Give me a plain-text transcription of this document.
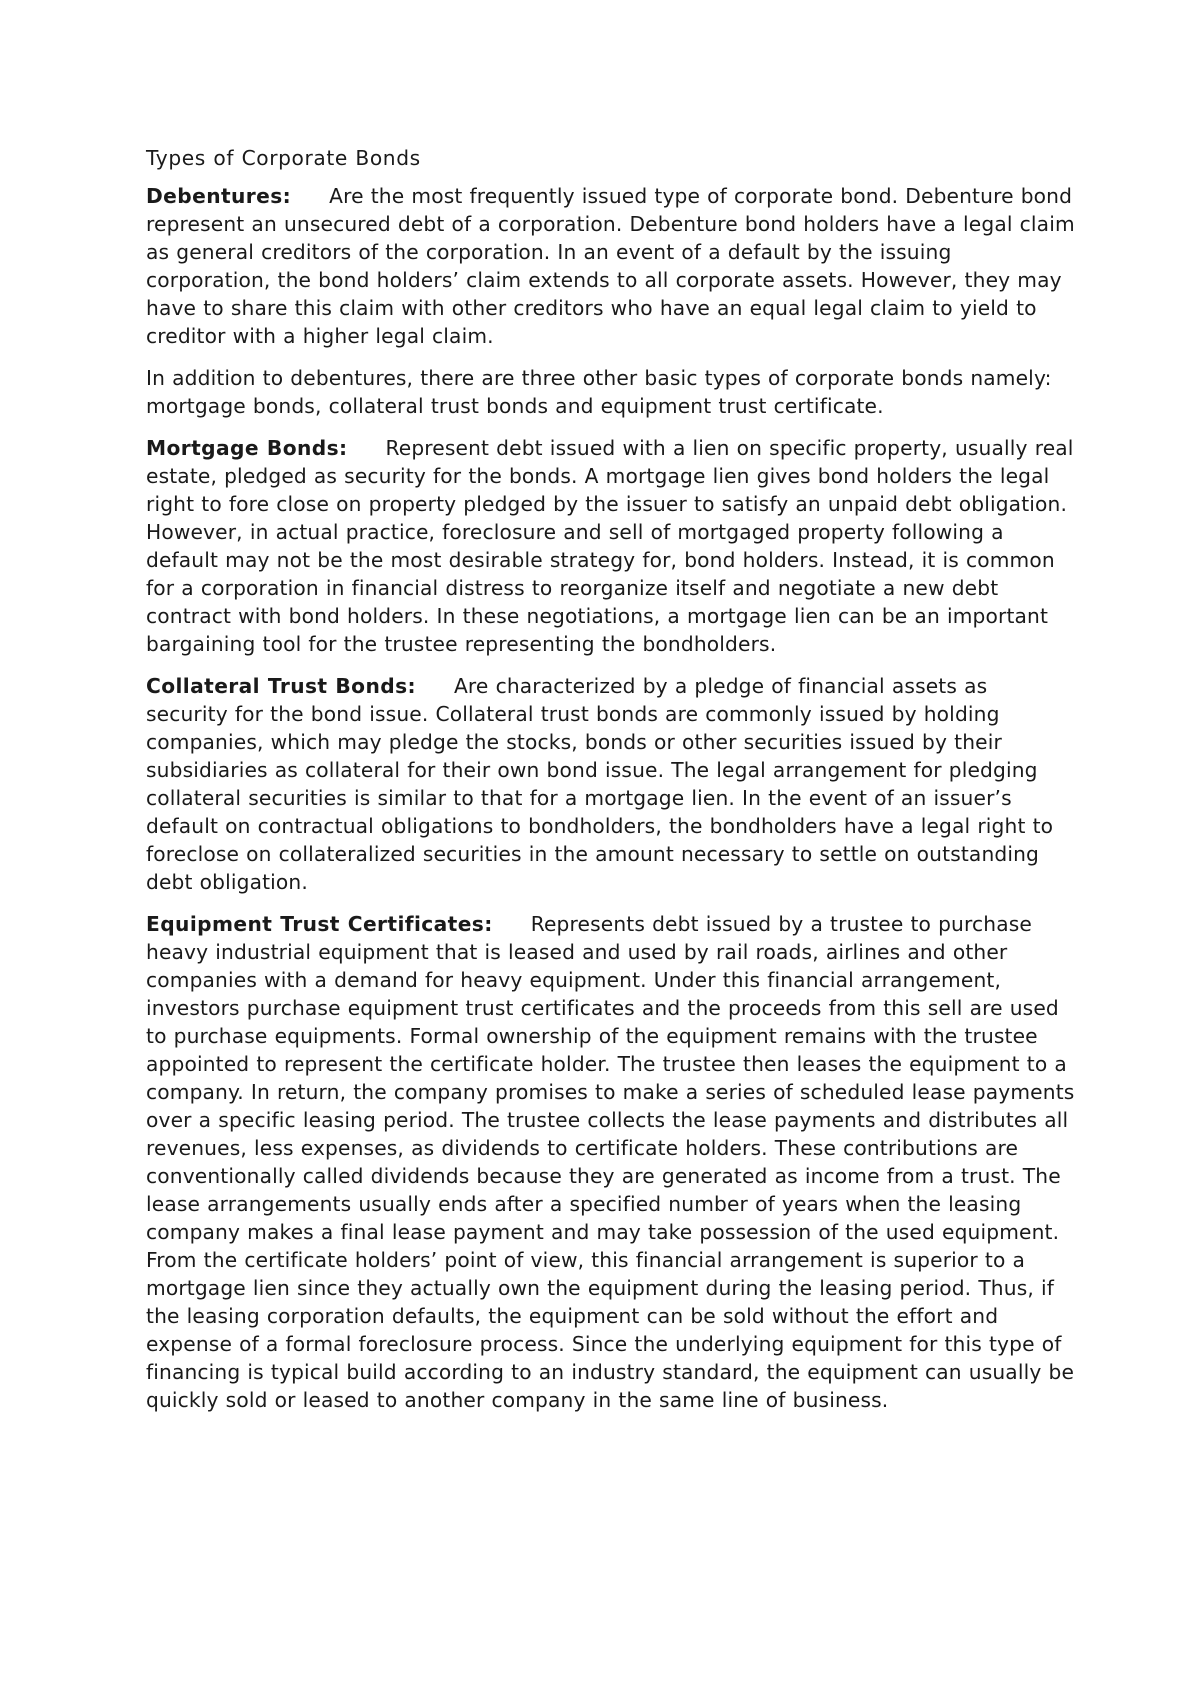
Types of Corporate Bonds

Debentures: Are the most frequently issued type of corporate bond. Debenture bond represent an unsecured debt of a corporation. Debenture bond holders have a legal claim as general creditors of the corporation. In an event of a default by the issuing corporation, the bond holders’ claim extends to all corporate assets. However, they may have to share this claim with other creditors who have an equal legal claim to yield to creditor with a higher legal claim.

In addition to debentures, there are three other basic types of corporate bonds namely: mortgage bonds, collateral trust bonds and equipment trust certificate.

Mortgage Bonds: Represent debt issued with a lien on specific property, usually real estate, pledged as security for the bonds. A mortgage lien gives bond holders the legal right to fore close on property pledged by the issuer to satisfy an unpaid debt obligation. However, in actual practice, foreclosure and sell of mortgaged property following a default may not be the most desirable strategy for, bond holders. Instead, it is common for a corporation in financial distress to reorganize itself and negotiate a new debt contract with bond holders. In these negotiations, a mortgage lien can be an important bargaining tool for the trustee representing the bondholders.

Collateral Trust Bonds: Are characterized by a pledge of financial assets as security for the bond issue. Collateral trust bonds are commonly issued by holding companies, which may pledge the stocks, bonds or other securities issued by their subsidiaries as collateral for their own bond issue. The legal arrangement for pledging collateral securities is similar to that for a mortgage lien. In the event of an issuer’s default on contractual obligations to bondholders, the bondholders have a legal right to foreclose on collateralized securities in the amount necessary to settle on outstanding debt obligation.

Equipment Trust Certificates: Represents debt issued by a trustee to purchase heavy industrial equipment that is leased and used by rail roads, airlines and other companies with a demand for heavy equipment. Under this financial arrangement, investors purchase equipment trust certificates and the proceeds from this sell are used to purchase equipments. Formal ownership of the equipment remains with the trustee appointed to represent the certificate holder. The trustee then leases the equipment to a company. In return, the company promises to make a series of scheduled lease payments over a specific leasing period. The trustee collects the lease payments and distributes all revenues, less expenses, as dividends to certificate holders. These contributions are conventionally called dividends because they are generated as income from a trust. The lease arrangements usually ends after a specified number of years when the leasing company makes a final lease payment and may take possession of the used equipment. From the certificate holders’ point of view, this financial arrangement is superior to a mortgage lien since they actually own the equipment during the leasing period. Thus, if the leasing corporation defaults, the equipment can be sold without the effort and expense of a formal foreclosure process. Since the underlying equipment for this type of financing is typical build according to an industry standard, the equipment can usually be quickly sold or leased to another company in the same line of business.
